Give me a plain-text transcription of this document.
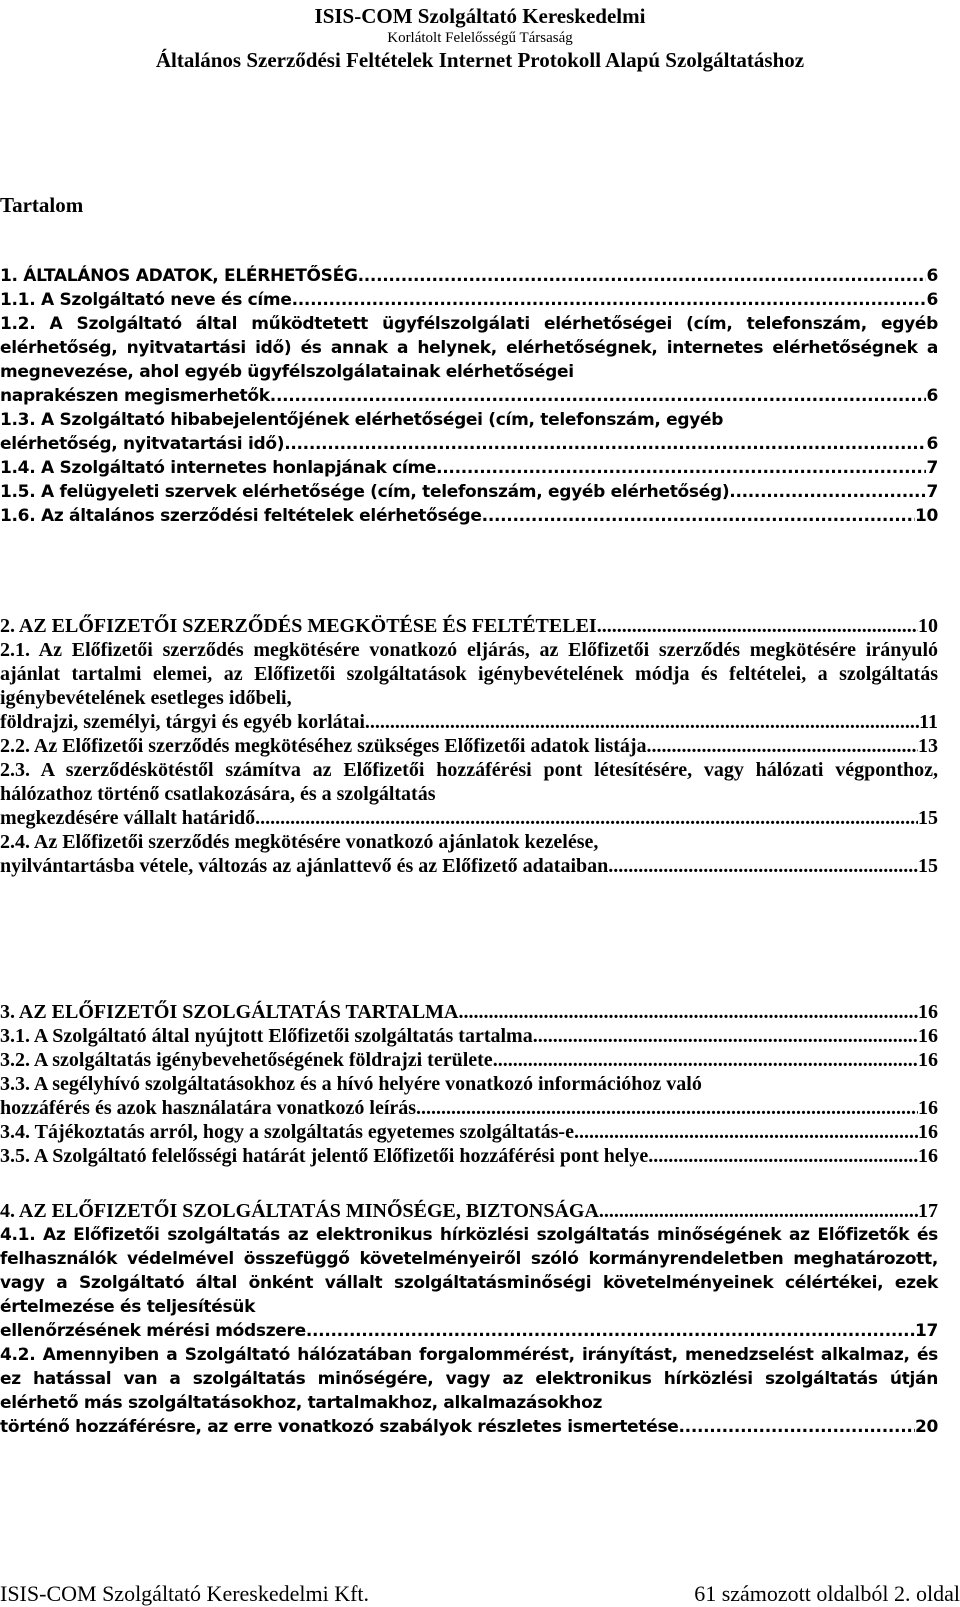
ISIS-COM Szolgáltató Kereskedelmi
Korlátolt Felelősségű Társaság
Általános Szerződési Feltételek Internet Protokoll Alapú Szolgáltatáshoz
Tartalom
1. ÁLTALÁNOS ADATOK, ELÉRHETŐSÉG .....	6
1.1. A Szolgáltató neve és címe .....	6
1.2. A Szolgáltató által működtetett ügyfélszolgálati elérhetőségei (cím, telefonszám, egyéb elérhetőség, nyitvatartási idő) és annak a helynek, elérhetőségnek, internetes elérhetőségnek a megnevezése, ahol egyéb ügyfélszolgálatainak elérhetőségei
naprakészen megismerhetők .....	6
1.3. A Szolgáltató hibabejelentőjének elérhetőségei (cím, telefonszám, egyéb
elérhetőség, nyitvatartási idő) .....	6
1.4. A Szolgáltató internetes honlapjának címe .....	7
1.5. A felügyeleti szervek elérhetősége (cím, telefonszám, egyéb elérhetőség) .....	7
1.6. Az általános szerződési feltételek elérhetősége .....	10
2. AZ ELŐFIZETŐI SZERZŐDÉS MEGKÖTÉSE ÉS FELTÉTELEI .....	10
2.1. Az Előfizetői szerződés megkötésére vonatkozó eljárás, az Előfizetői szerződés megkötésére irányuló ajánlat tartalmi elemei, az Előfizetői szolgáltatások igénybevételének módja és feltételei, a szolgáltatás igénybevételének esetleges időbeli,
földrajzi, személyi, tárgyi és egyéb korlátai .....	11
2.2. Az Előfizetői szerződés megkötéséhez szükséges Előfizetői adatok listája .....	13
2.3. A szerződéskötéstől számítva az Előfizetői hozzáférési pont létesítésére, vagy hálózati végponthoz, hálózathoz történő csatlakozására, és a szolgáltatás
megkezdésére vállalt határidő .....	15
2.4. Az Előfizetői szerződés megkötésére vonatkozó ajánlatok kezelése,
nyilvántartásba vétele, változás az ajánlattevő és az Előfizető adataiban .....	15
3. AZ ELŐFIZETŐI SZOLGÁLTATÁS TARTALMA .....	16
3.1. A Szolgáltató által nyújtott Előfizetői szolgáltatás tartalma .....	16
3.2. A szolgáltatás igénybevehetőségének földrajzi területe .....	16
3.3. A segélyhívó szolgáltatásokhoz és a hívó helyére vonatkozó információhoz való
hozzáférés és azok használatára vonatkozó leírás .....	16
3.4. Tájékoztatás arról, hogy a szolgáltatás egyetemes szolgáltatás-e .....	16
3.5. A Szolgáltató felelősségi határát jelentő Előfizetői hozzáférési pont helye .....	16
4. AZ ELŐFIZETŐI SZOLGÁLTATÁS MINŐSÉGE, BIZTONSÁGA .....	17
4.1. Az Előfizetői szolgáltatás az elektronikus hírközlési szolgáltatás minőségének az Előfizetők és felhasználók védelmével összefüggő követelményeiről szóló kormányrendeletben meghatározott, vagy a Szolgáltató által önként vállalt szolgáltatásminőségi követelményeinek célértékei, ezek értelmezése és teljesítésük
ellenőrzésének mérési módszere .....	17
4.2. Amennyiben a Szolgáltató hálózatában forgalommérést, irányítást, menedzselést alkalmaz, és ez hatással van a szolgáltatás minőségére, vagy az elektronikus hírközlési szolgáltatás útján elérhető más szolgáltatásokhoz, tartalmakhoz, alkalmazásokhoz
történő hozzáférésre, az erre vonatkozó szabályok részletes ismertetése .....	20
ISIS-COM Szolgáltató Kereskedelmi Kft.	61 számozott oldalból 2. oldal
